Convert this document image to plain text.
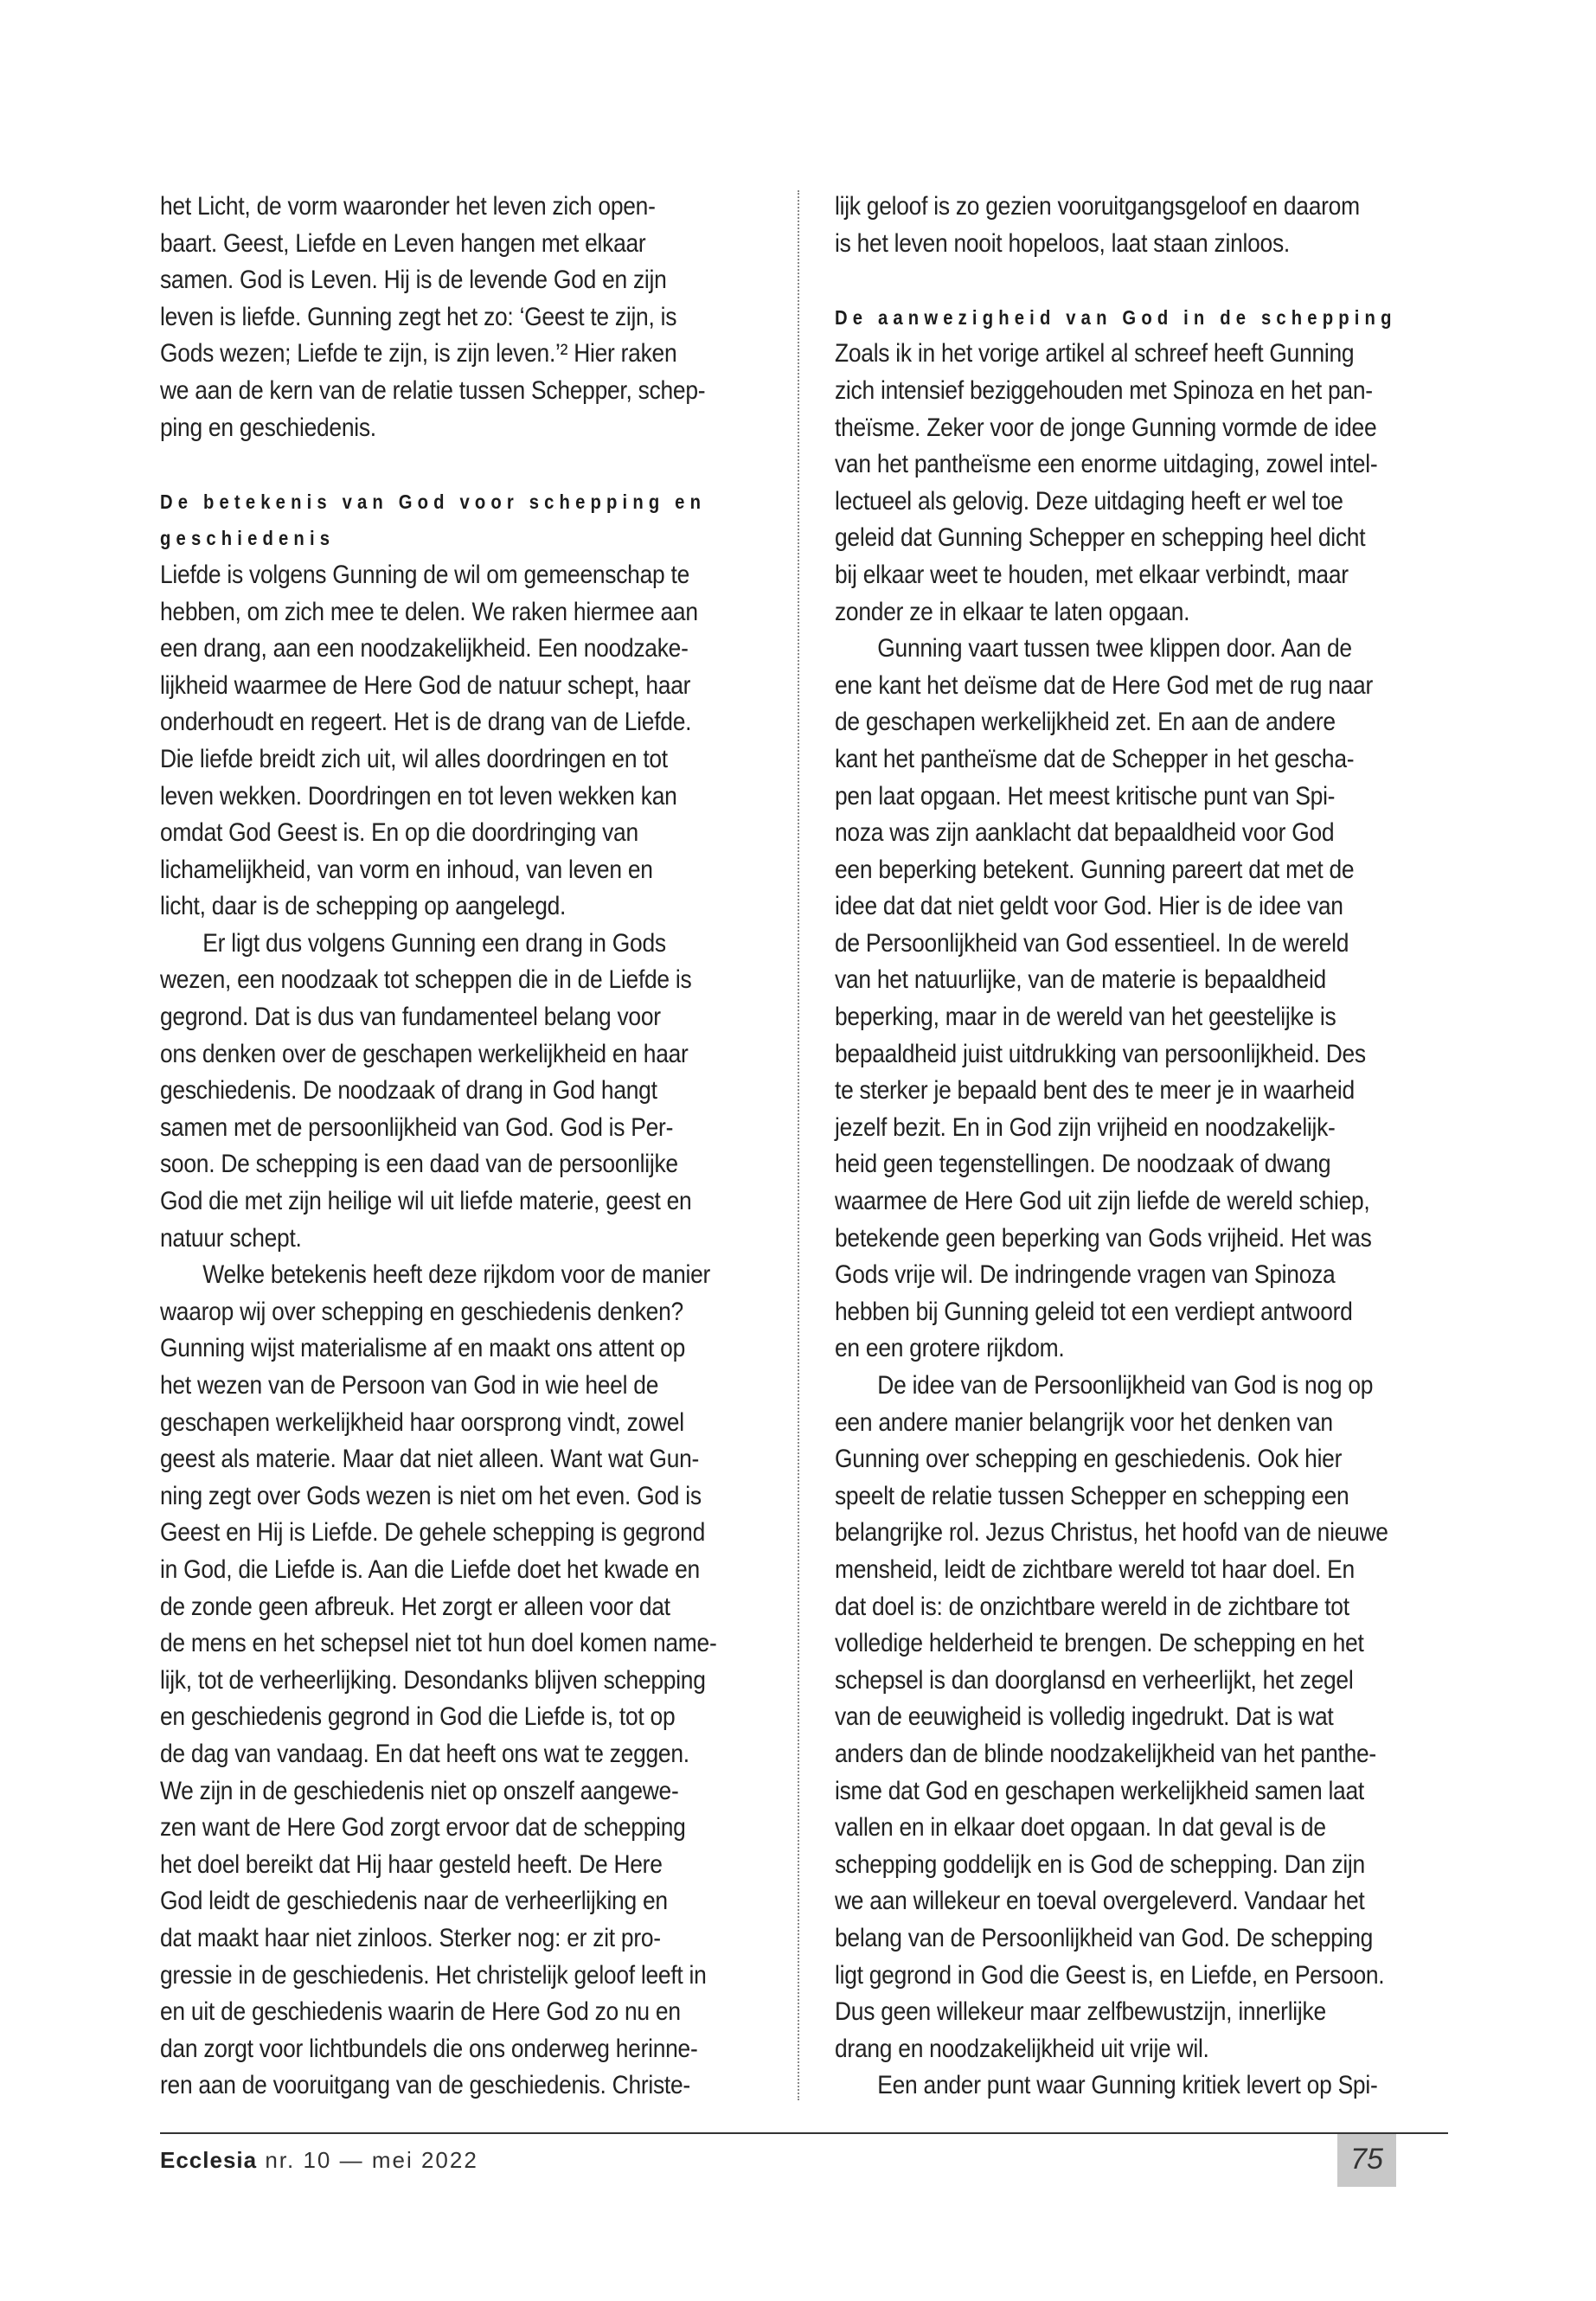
het Licht, de vorm waaronder het leven zich open-
baart. Geest, Liefde en Leven hangen met elkaar
samen. God is Leven. Hij is de levende God en zijn
leven is liefde. Gunning zegt het zo: ‘Geest te zijn, is
Gods wezen; Liefde te zijn, is zijn leven.’² Hier raken
we aan de kern van de relatie tussen Schepper, schep-
ping en geschiedenis.
De betekenis van God voor schepping en
geschiedenis
Liefde is volgens Gunning de wil om gemeenschap te
hebben, om zich mee te delen. We raken hiermee aan
een drang, aan een noodzakelijkheid. Een noodzake-
lijkheid waarmee de Here God de natuur schept, haar
onderhoudt en regeert. Het is de drang van de Liefde.
Die liefde breidt zich uit, wil alles doordringen en tot
leven wekken. Doordringen en tot leven wekken kan
omdat God Geest is. En op die doordringing van
lichamelijkheid, van vorm en inhoud, van leven en
licht, daar is de schepping op aangelegd.
Er ligt dus volgens Gunning een drang in Gods
wezen, een noodzaak tot scheppen die in de Liefde is
gegrond. Dat is dus van fundamenteel belang voor
ons denken over de geschapen werkelijkheid en haar
geschiedenis. De noodzaak of drang in God hangt
samen met de persoonlijkheid van God. God is Per-
soon. De schepping is een daad van de persoonlijke
God die met zijn heilige wil uit liefde materie, geest en
natuur schept.
Welke betekenis heeft deze rijkdom voor de manier
waarop wij over schepping en geschiedenis denken?
Gunning wijst materialisme af en maakt ons attent op
het wezen van de Persoon van God in wie heel de
geschapen werkelijkheid haar oorsprong vindt, zowel
geest als materie. Maar dat niet alleen. Want wat Gun-
ning zegt over Gods wezen is niet om het even. God is
Geest en Hij is Liefde. De gehele schepping is gegrond
in God, die Liefde is. Aan die Liefde doet het kwade en
de zonde geen afbreuk. Het zorgt er alleen voor dat
de mens en het schepsel niet tot hun doel komen name-
lijk, tot de verheerlijking. Desondanks blijven schepping
en geschiedenis gegrond in God die Liefde is, tot op
de dag van vandaag. En dat heeft ons wat te zeggen.
We zijn in de geschiedenis niet op onszelf aangewe-
zen want de Here God zorgt ervoor dat de schepping
het doel bereikt dat Hij haar gesteld heeft. De Here
God leidt de geschiedenis naar de verheerlijking en
dat maakt haar niet zinloos. Sterker nog: er zit pro-
gressie in de geschiedenis. Het christelijk geloof leeft in
en uit de geschiedenis waarin de Here God zo nu en
dan zorgt voor lichtbundels die ons onderweg herinne-
ren aan de vooruitgang van de geschiedenis. Christe-
lijk geloof is zo gezien vooruitgangsgeloof en daarom
is het leven nooit hopeloos, laat staan zinloos.
De aanwezigheid van God in de schepping
Zoals ik in het vorige artikel al schreef heeft Gunning
zich intensief beziggehouden met Spinoza en het pan-
theïsme. Zeker voor de jonge Gunning vormde de idee
van het pantheïsme een enorme uitdaging, zowel intel-
lectueel als gelovig. Deze uitdaging heeft er wel toe
geleid dat Gunning Schepper en schepping heel dicht
bij elkaar weet te houden, met elkaar verbindt, maar
zonder ze in elkaar te laten opgaan.
Gunning vaart tussen twee klippen door. Aan de
ene kant het deïsme dat de Here God met de rug naar
de geschapen werkelijkheid zet. En aan de andere
kant het pantheïsme dat de Schepper in het gescha-
pen laat opgaan. Het meest kritische punt van Spi-
noza was zijn aanklacht dat bepaaldheid voor God
een beperking betekent. Gunning pareert dat met de
idee dat dat niet geldt voor God. Hier is de idee van
de Persoonlijkheid van God essentieel. In de wereld
van het natuurlijke, van de materie is bepaaldheid
beperking, maar in de wereld van het geestelijke is
bepaaldheid juist uitdrukking van persoonlijkheid. Des
te sterker je bepaald bent des te meer je in waarheid
jezelf bezit. En in God zijn vrijheid en noodzakelijk-
heid geen tegenstellingen. De noodzaak of dwang
waarmee de Here God uit zijn liefde de wereld schiep,
betekende geen beperking van Gods vrijheid. Het was
Gods vrije wil. De indringende vragen van Spinoza
hebben bij Gunning geleid tot een verdiept antwoord
en een grotere rijkdom.
De idee van de Persoonlijkheid van God is nog op
een andere manier belangrijk voor het denken van
Gunning over schepping en geschiedenis. Ook hier
speelt de relatie tussen Schepper en schepping een
belangrijke rol. Jezus Christus, het hoofd van de nieuwe
mensheid, leidt de zichtbare wereld tot haar doel. En
dat doel is: de onzichtbare wereld in de zichtbare tot
volledige helderheid te brengen. De schepping en het
schepsel is dan doorglansd en verheerlijkt, het zegel
van de eeuwigheid is volledig ingedrukt. Dat is wat
anders dan de blinde noodzakelijkheid van het panthe-
isme dat God en geschapen werkelijkheid samen laat
vallen en in elkaar doet opgaan. In dat geval is de
schepping goddelijk en is God de schepping. Dan zijn
we aan willekeur en toeval overgeleverd. Vandaar het
belang van de Persoonlijkheid van God. De schepping
ligt gegrond in God die Geest is, en Liefde, en Persoon.
Dus geen willekeur maar zelfbewustzijn, innerlijke
drang en noodzakelijkheid uit vrije wil.
Een ander punt waar Gunning kritiek levert op Spi-
Ecclesia nr. 10 — mei 2022	75
